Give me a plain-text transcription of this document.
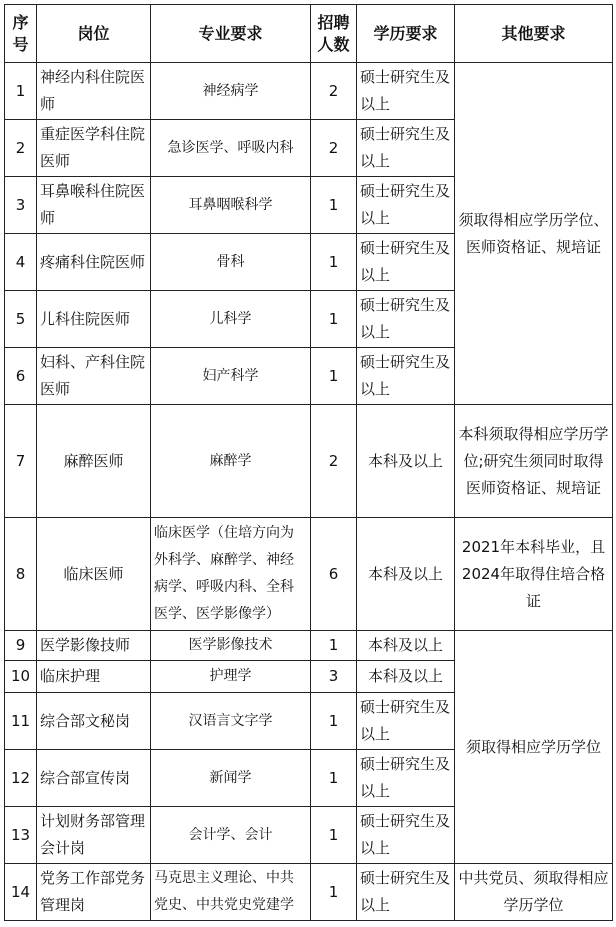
序号	岗位	专业要求	招聘人数	学历要求	其他要求
1	神经内科住院医师	神经病学	2	硕士研究生及以上	须取得相应学历学位、医师资格证、规培证
2	重症医学科住院医师	急诊医学、呼吸内科	2	硕士研究生及以上	
3	耳鼻喉科住院医师	耳鼻咽喉科学	1	硕士研究生及以上	
4	疼痛科住院医师	骨科	1	硕士研究生及以上	
5	儿科住院医师	儿科学	1	硕士研究生及以上	
6	妇科、产科住院医师	妇产科学	1	硕士研究生及以上	
7	麻醉医师	麻醉学	2	本科及以上	本科须取得相应学历学位;研究生须同时取得医师资格证、规培证
8	临床医师	临床医学（住培方向为外科学、麻醉学、神经病学、呼吸内科、全科医学、医学影像学）	6	本科及以上	2021年本科毕业，且2024年取得住培合格证
9	医学影像技师	医学影像技术	1	本科及以上	须取得相应学历学位
10	临床护理	护理学	3	本科及以上	
11	综合部文秘岗	汉语言文字学	1	硕士研究生及以上	
12	综合部宣传岗	新闻学	1	硕士研究生及以上	
13	计划财务部管理会计岗	会计学、会计	1	硕士研究生及以上	
14	党务工作部党务管理岗	马克思主义理论、中共党史、中共党史党建学	1	硕士研究生及以上	中共党员、须取得相应学历学位
